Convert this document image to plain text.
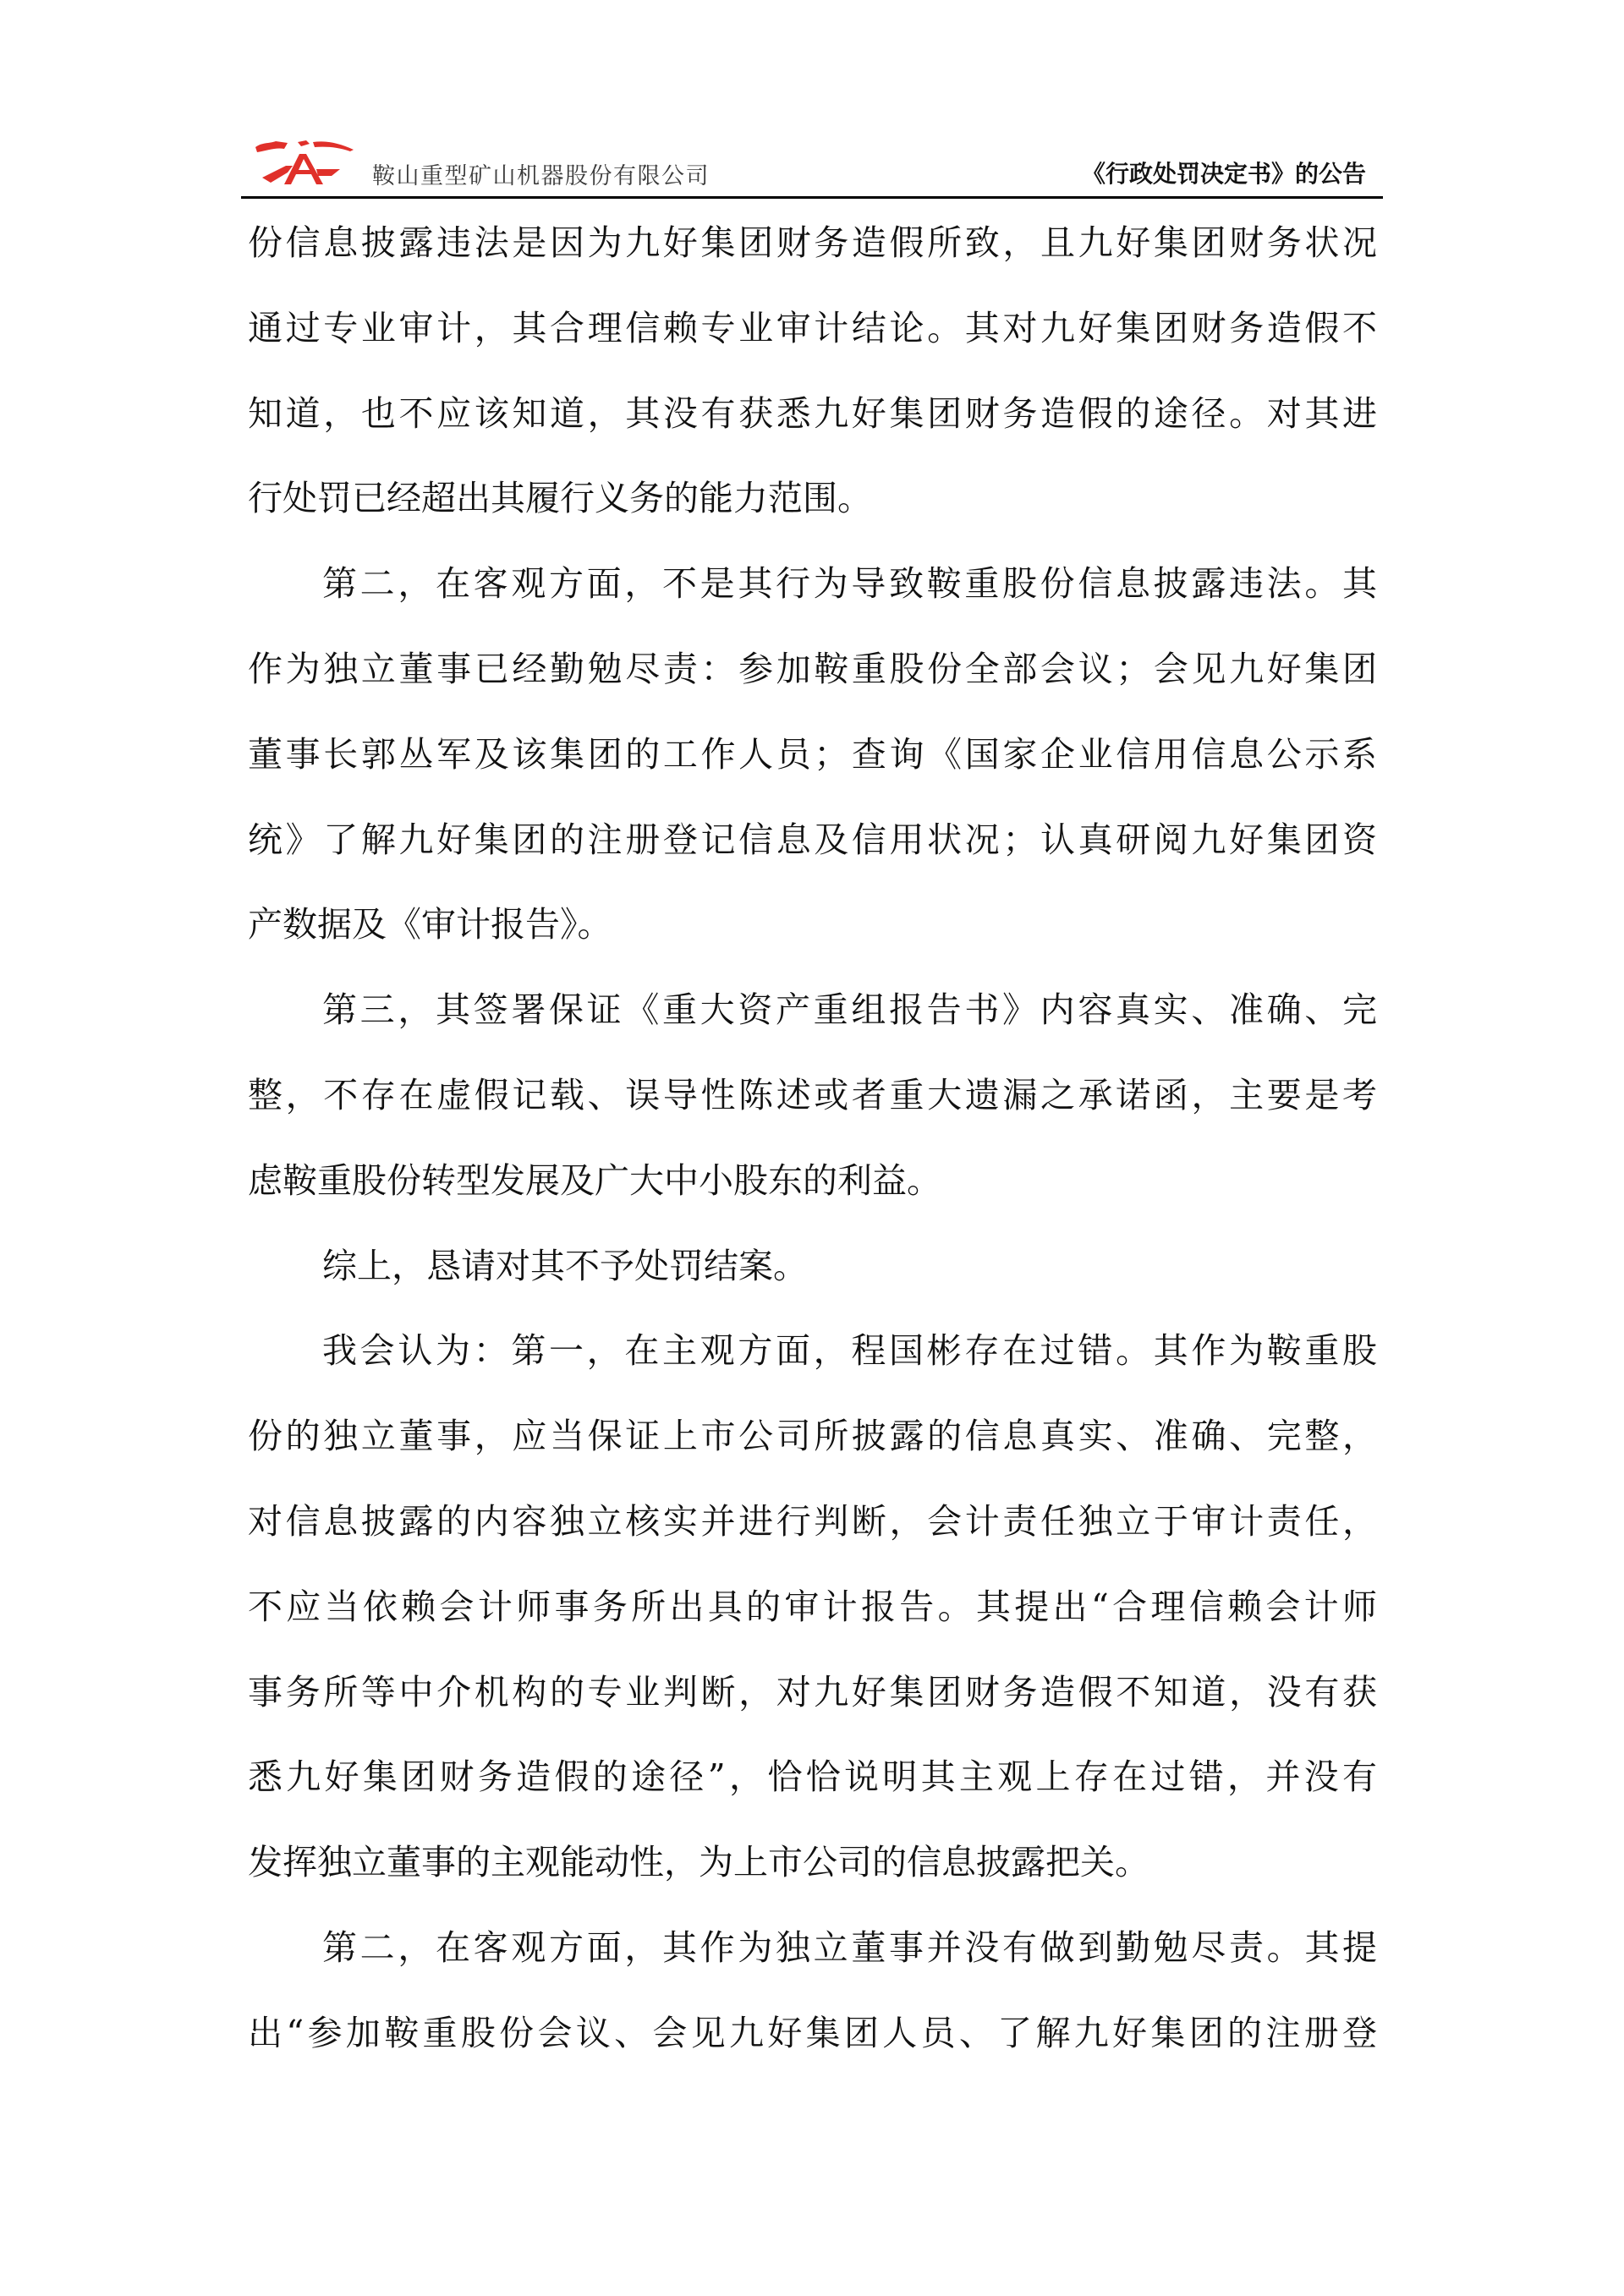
鞍山重型矿山机器股份有限公司	《行政处罚决定书》的公告
份信息披露违法是因为九好集团财务造假所致，且九好集团财务状况
通过专业审计，其合理信赖专业审计结论。其对九好集团财务造假不
知道，也不应该知道，其没有获悉九好集团财务造假的途径。对其进
行处罚已经超出其履行义务的能力范围。
第二，在客观方面，不是其行为导致鞍重股份信息披露违法。其
作为独立董事已经勤勉尽责：参加鞍重股份全部会议；会见九好集团
董事长郭丛军及该集团的工作人员；查询《国家企业信用信息公示系
统》了解九好集团的注册登记信息及信用状况；认真研阅九好集团资
产数据及《审计报告》。
第三，其签署保证《重大资产重组报告书》内容真实、准确、完
整，不存在虚假记载、误导性陈述或者重大遗漏之承诺函，主要是考
虑鞍重股份转型发展及广大中小股东的利益。
综上，恳请对其不予处罚结案。
我会认为：第一，在主观方面，程国彬存在过错。其作为鞍重股
份的独立董事，应当保证上市公司所披露的信息真实、准确、完整，
对信息披露的内容独立核实并进行判断，会计责任独立于审计责任，
不应当依赖会计师事务所出具的审计报告。其提出“合理信赖会计师
事务所等中介机构的专业判断，对九好集团财务造假不知道，没有获
悉九好集团财务造假的途径”，恰恰说明其主观上存在过错，并没有
发挥独立董事的主观能动性，为上市公司的信息披露把关。
第二，在客观方面，其作为独立董事并没有做到勤勉尽责。其提
出“参加鞍重股份会议、会见九好集团人员、了解九好集团的注册登
